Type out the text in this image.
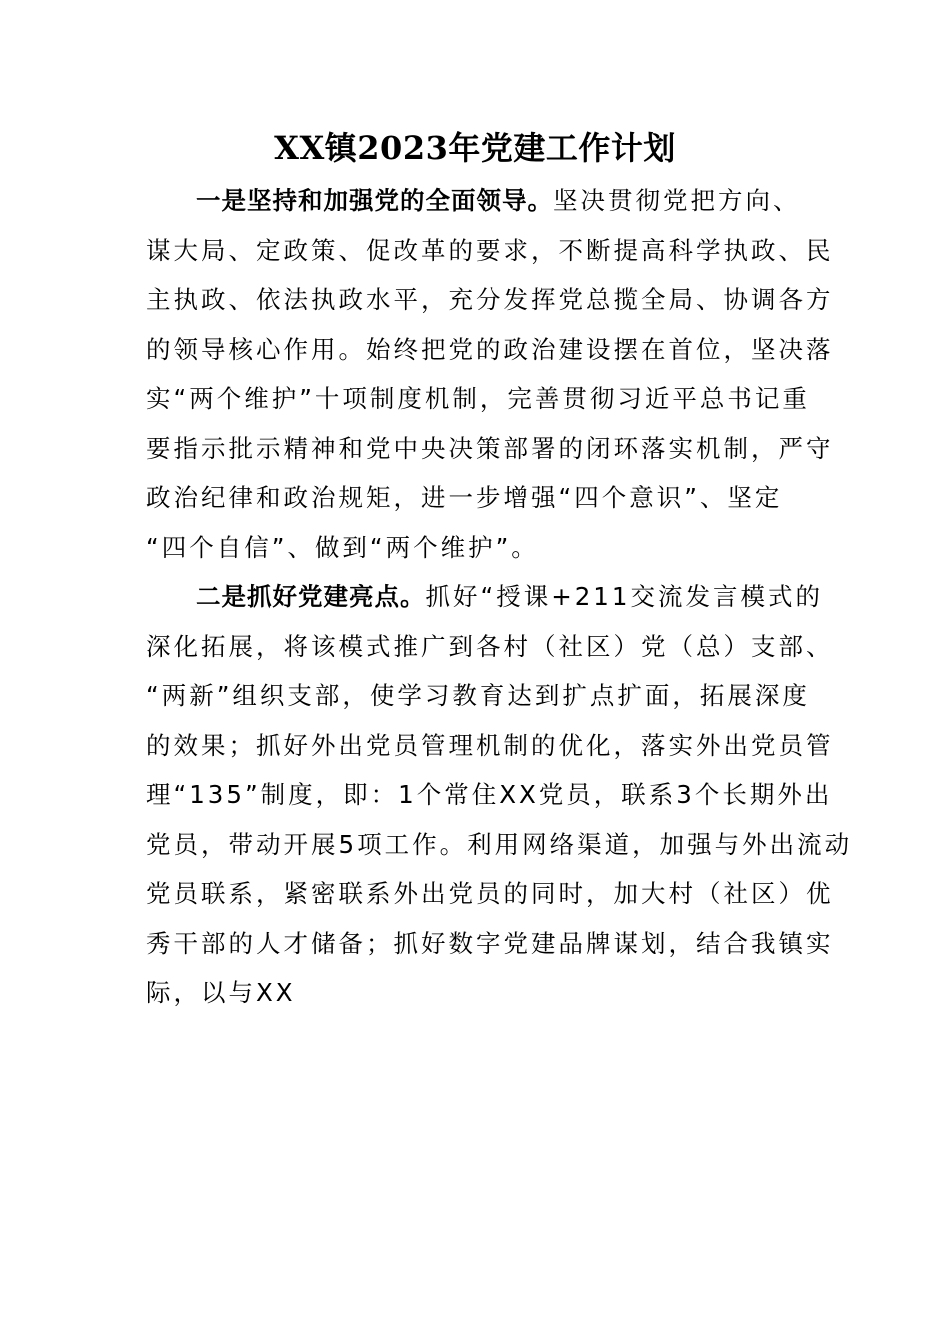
XX镇2023年党建工作计划
一是坚持和加强党的全面领导。坚决贯彻党把方向、
谋大局、定政策、促改革的要求，不断提高科学执政、民
主执政、依法执政水平，充分发挥党总揽全局、协调各方
的领导核心作用。始终把党的政治建设摆在首位，坚决落
实“两个维护”十项制度机制，完善贯彻习近平总书记重
要指示批示精神和党中央决策部署的闭环落实机制，严守
政治纪律和政治规矩，进一步增强“四个意识”、坚定
“四个自信”、做到“两个维护”。
二是抓好党建亮点。抓好“授课+211交流发言模式的
深化拓展，将该模式推广到各村（社区）党（总）支部、
“两新”组织支部，使学习教育达到扩点扩面，拓展深度
的效果；抓好外出党员管理机制的优化，落实外出党员管
理“135”制度，即：1个常住XX党员，联系3个长期外出
党员，带动开展5项工作。利用网络渠道，加强与外出流动
党员联系，紧密联系外出党员的同时，加大村（社区）优
秀干部的人才储备；抓好数字党建品牌谋划，结合我镇实
际，以与XX
